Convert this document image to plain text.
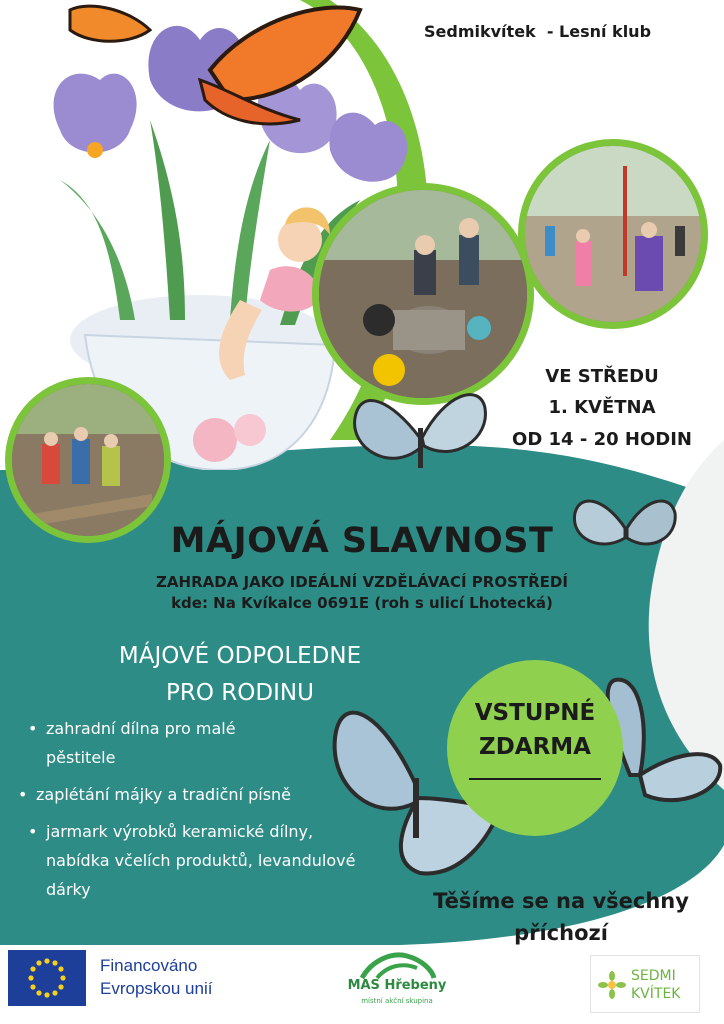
Sedmikvítek  - Lesní klub
VE STŘEDU
1. KVĚTNA
OD 14 - 20 HODIN
MÁJOVÁ SLAVNOST
ZAHRADA JAKO IDEÁLNÍ VZDĚLÁVACÍ PROSTŘEDÍ
kde: Na Kvíkalce 0691E (roh s ulicí Lhotecká)
MÁJOVÉ ODPOLEDNE
PRO RODINU
• zahradní dílna pro malé pěstitele
• zaplétání májky a tradiční písně
• jarmark výrobků keramické dílny, nabídka včelích produktů, levandulové dárky
VSTUPNÉ
ZDARMA
Těšíme se na všechny
příchozí
Financováno
Evropskou unií	MAS Hřebeny
místní akční skupina
SEDMI
KVÍTEK
